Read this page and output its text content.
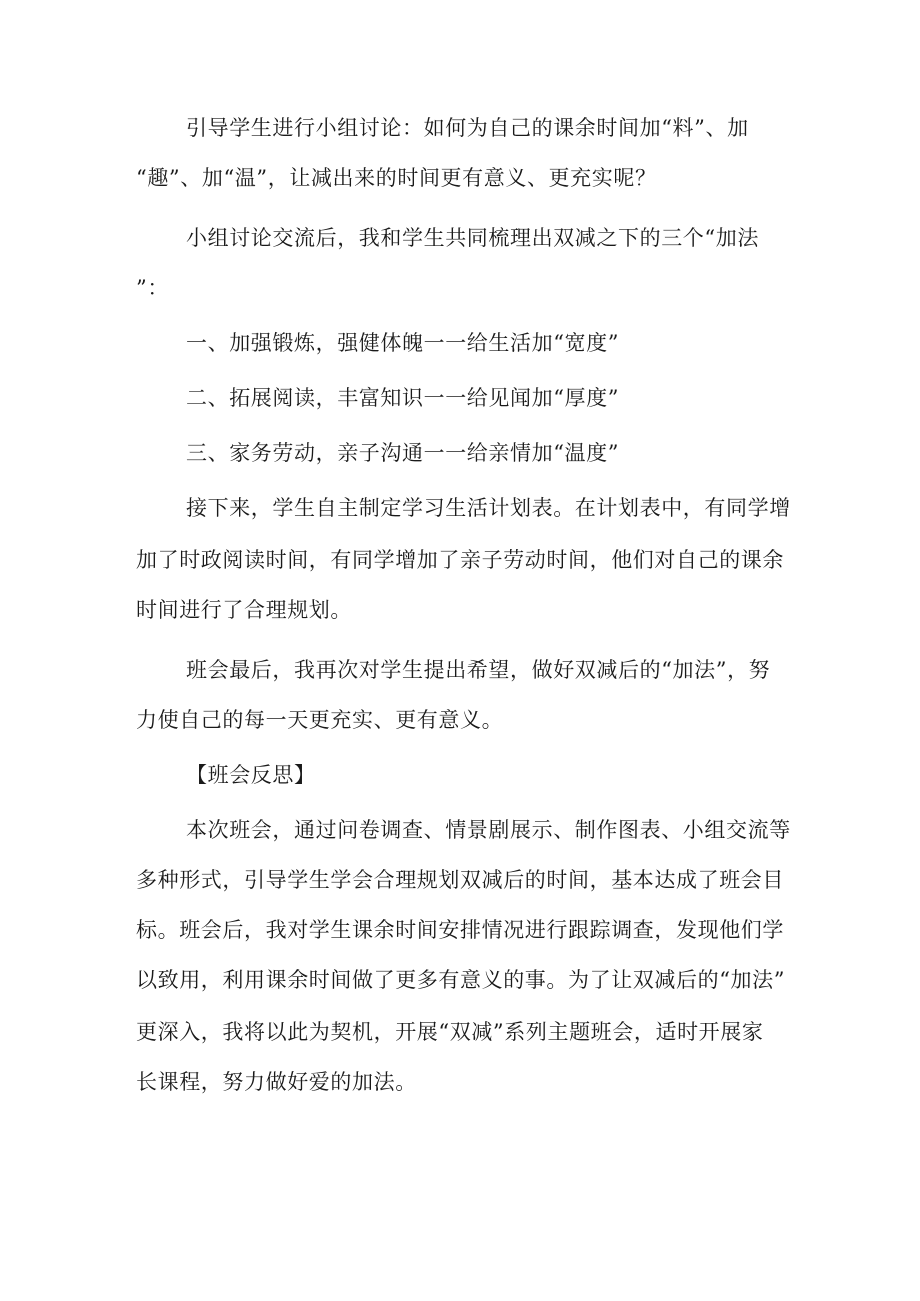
引导学生进行小组讨论：如何为自己的课余时间加“料”、加
“趣”、加“温”，让减出来的时间更有意义、更充实呢？
小组讨论交流后，我和学生共同梳理出双减之下的三个“加法
”：
一、加强锻炼，强健体魄一一给生活加“宽度”
二、拓展阅读，丰富知识一一给见闻加“厚度”
三、家务劳动，亲子沟通一一给亲情加“温度”
接下来，学生自主制定学习生活计划表。在计划表中，有同学增
加了时政阅读时间，有同学增加了亲子劳动时间，他们对自己的课余
时间进行了合理规划。
班会最后，我再次对学生提出希望，做好双减后的“加法”，努
力使自己的每一天更充实、更有意义。
【班会反思】
本次班会，通过问卷调查、情景剧展示、制作图表、小组交流等
多种形式，引导学生学会合理规划双减后的时间，基本达成了班会目
标。班会后，我对学生课余时间安排情况进行跟踪调查，发现他们学
以致用，利用课余时间做了更多有意义的事。为了让双减后的“加法”
更深入，我将以此为契机，开展“双减”系列主题班会，适时开展家
长课程，努力做好爱的加法。
